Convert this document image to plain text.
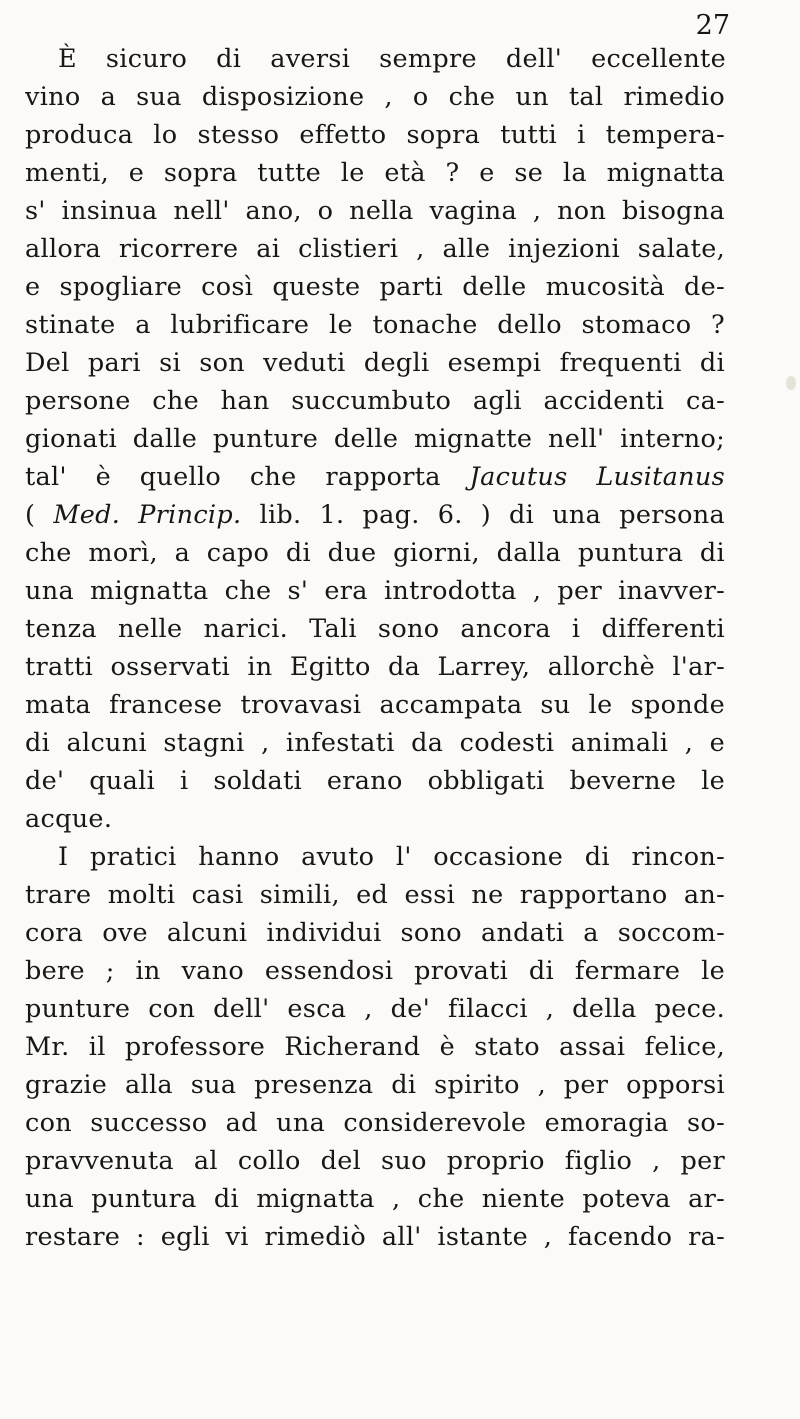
27
È sicuro di aversi sempre dell' eccellente
vino a sua disposizione , o che un tal rimedio
produca lo stesso effetto sopra tutti i tempera-
menti, e sopra tutte le età ? e se la mignatta
s' insinua nell' ano, o nella vagina , non bisogna
allora ricorrere ai clistieri , alle injezioni salate,
e spogliare così queste parti delle mucosità de-
stinate a lubrificare le tonache dello stomaco ?
Del pari si son veduti degli esempi frequenti di
persone che han succumbuto agli accidenti ca-
gionati dalle punture delle mignatte nell' interno;
tal' è quello che rapporta Jacutus Lusitanus
( Med. Princip. lib. 1. pag. 6. ) di una persona
che morì, a capo di due giorni, dalla puntura di
una mignatta che s' era introdotta , per inavver-
tenza nelle narici. Tali sono ancora i differenti
tratti osservati in Egitto da Larrey, allorchè l'ar-
mata francese trovavasi accampata su le sponde
di alcuni stagni , infestati da codesti animali , e
de' quali i soldati erano obbligati beverne le
acque.
I pratici hanno avuto l' occasione di rincon-
trare molti casi simili, ed essi ne rapportano an-
cora ove alcuni individui sono andati a soccom-
bere ; in vano essendosi provati di fermare le
punture con dell' esca , de' filacci , della pece.
Mr. il professore Richerand è stato assai felice,
grazie alla sua presenza di spirito , per opporsi
con successo ad una considerevole emoragia so-
pravvenuta al collo del suo proprio figlio , per
una puntura di mignatta , che niente poteva ar-
restare : egli vi rimediò all' istante , facendo ra-
